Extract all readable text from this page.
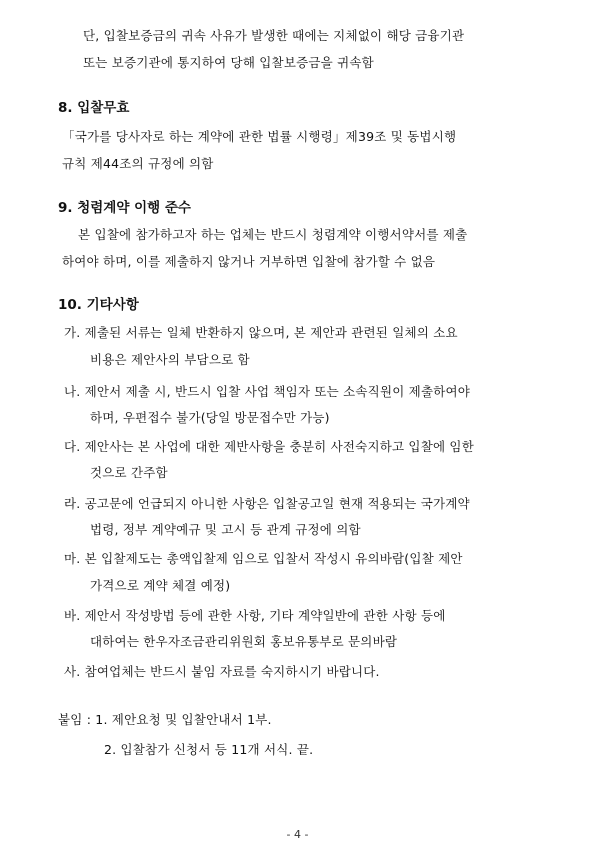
단, 입찰보증금의 귀속 사유가 발생한 때에는 지체없이 해당 금융기관
또는 보증기관에 통지하여 당해 입찰보증금을 귀속함
8. 입찰무효
「국가를 당사자로 하는 계약에 관한 법률 시행령」제39조 및 동법시행
규칙 제44조의 규정에 의함
9. 청렴계약 이행 준수
본 입찰에 참가하고자 하는 업체는 반드시 청렴계약 이행서약서를 제출
하여야 하며, 이를 제출하지 않거나 거부하면 입찰에 참가할 수 없음
10. 기타사항
가. 제출된 서류는 일체 반환하지 않으며, 본 제안과 관련된 일체의 소요
비용은 제안사의 부담으로 함
나. 제안서 제출 시, 반드시 입찰 사업 책임자 또는 소속직원이 제출하여야
하며, 우편접수 불가(당일 방문접수만 가능)
다. 제안사는 본 사업에 대한 제반사항을 충분히 사전숙지하고 입찰에 임한
것으로 간주함
라. 공고문에 언급되지 아니한 사항은 입찰공고일 현재 적용되는 국가계약
법령, 정부 계약예규 및 고시 등 관계 규정에 의함
마. 본 입찰제도는 총액입찰제 임으로 입찰서 작성시 유의바람(입찰 제안
가격으로 계약 체결 예정)
바. 제안서 작성방법 등에 관한 사항, 기타 계약일반에 관한 사항 등에
대하여는 한우자조금관리위원회 홍보유통부로 문의바람
사. 참여업체는 반드시 붙임 자료를 숙지하시기 바랍니다.
붙임 : 1. 제안요청 및 입찰안내서 1부.
2. 입찰참가 신청서 등 11개 서식. 끝.
- 4 -
